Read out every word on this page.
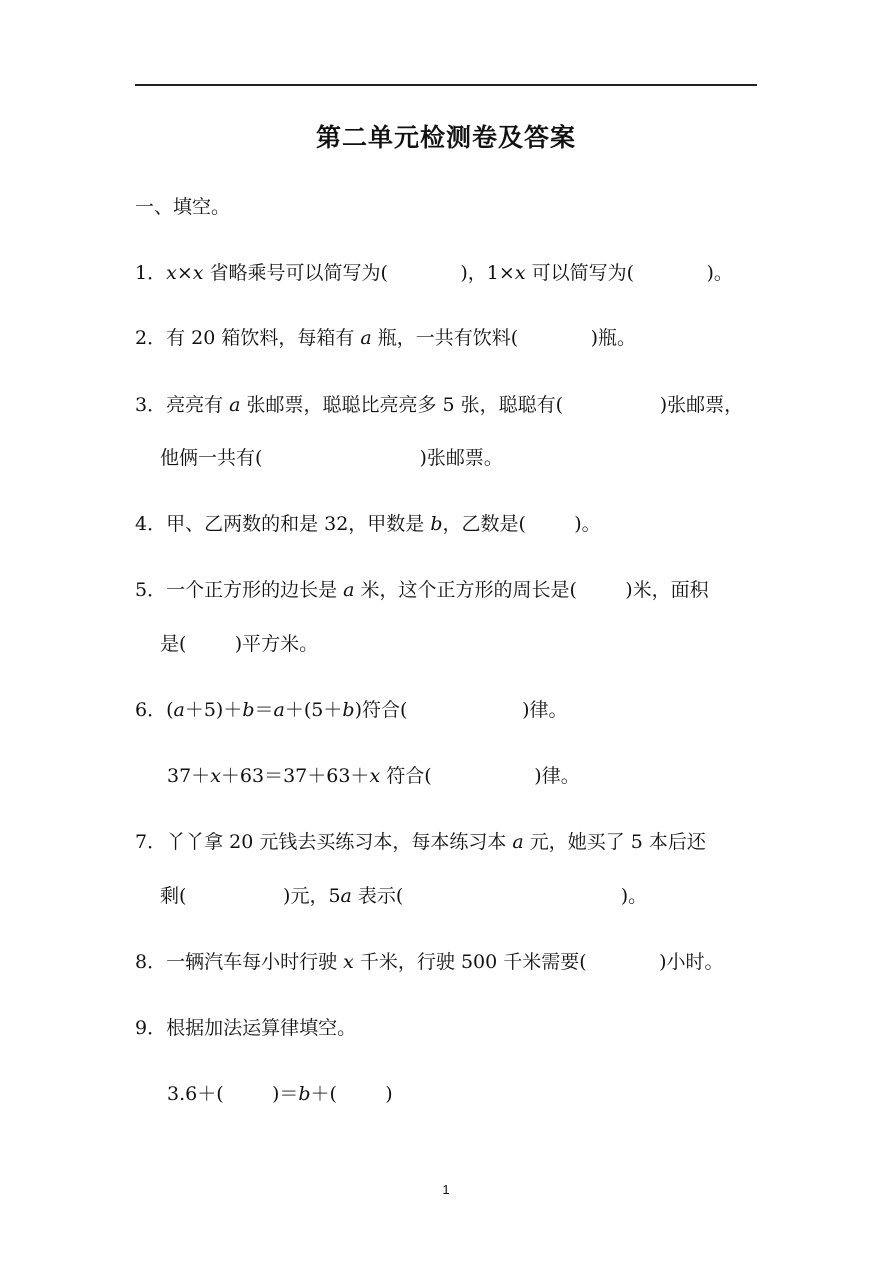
第二单元检测卷及答案
一、填空。
1．x×x 省略乘号可以简写为(            )，1×x 可以简写为(            )。
2．有 20 箱饮料，每箱有 a 瓶，一共有饮料(            )瓶。
3．亮亮有 a 张邮票，聪聪比亮亮多 5 张，聪聪有(                )张邮票，
他俩一共有(                          )张邮票。
4．甲、乙两数的和是 32，甲数是 b，乙数是(        )。
5．一个正方形的边长是 a 米，这个正方形的周长是(        )米，面积
是(        )平方米。
6．(a＋5)＋b＝a＋(5＋b)符合(                   )律。
37＋x＋63＝37＋63＋x 符合(                 )律。
7．丫丫拿 20 元钱去买练习本，每本练习本 a 元，她买了 5 本后还
剩(                )元，5a 表示(                                    )。
8．一辆汽车每小时行驶 x 千米，行驶 500 千米需要(            )小时。
9．根据加法运算律填空。
3.6＋(        )＝b＋(        )
1
